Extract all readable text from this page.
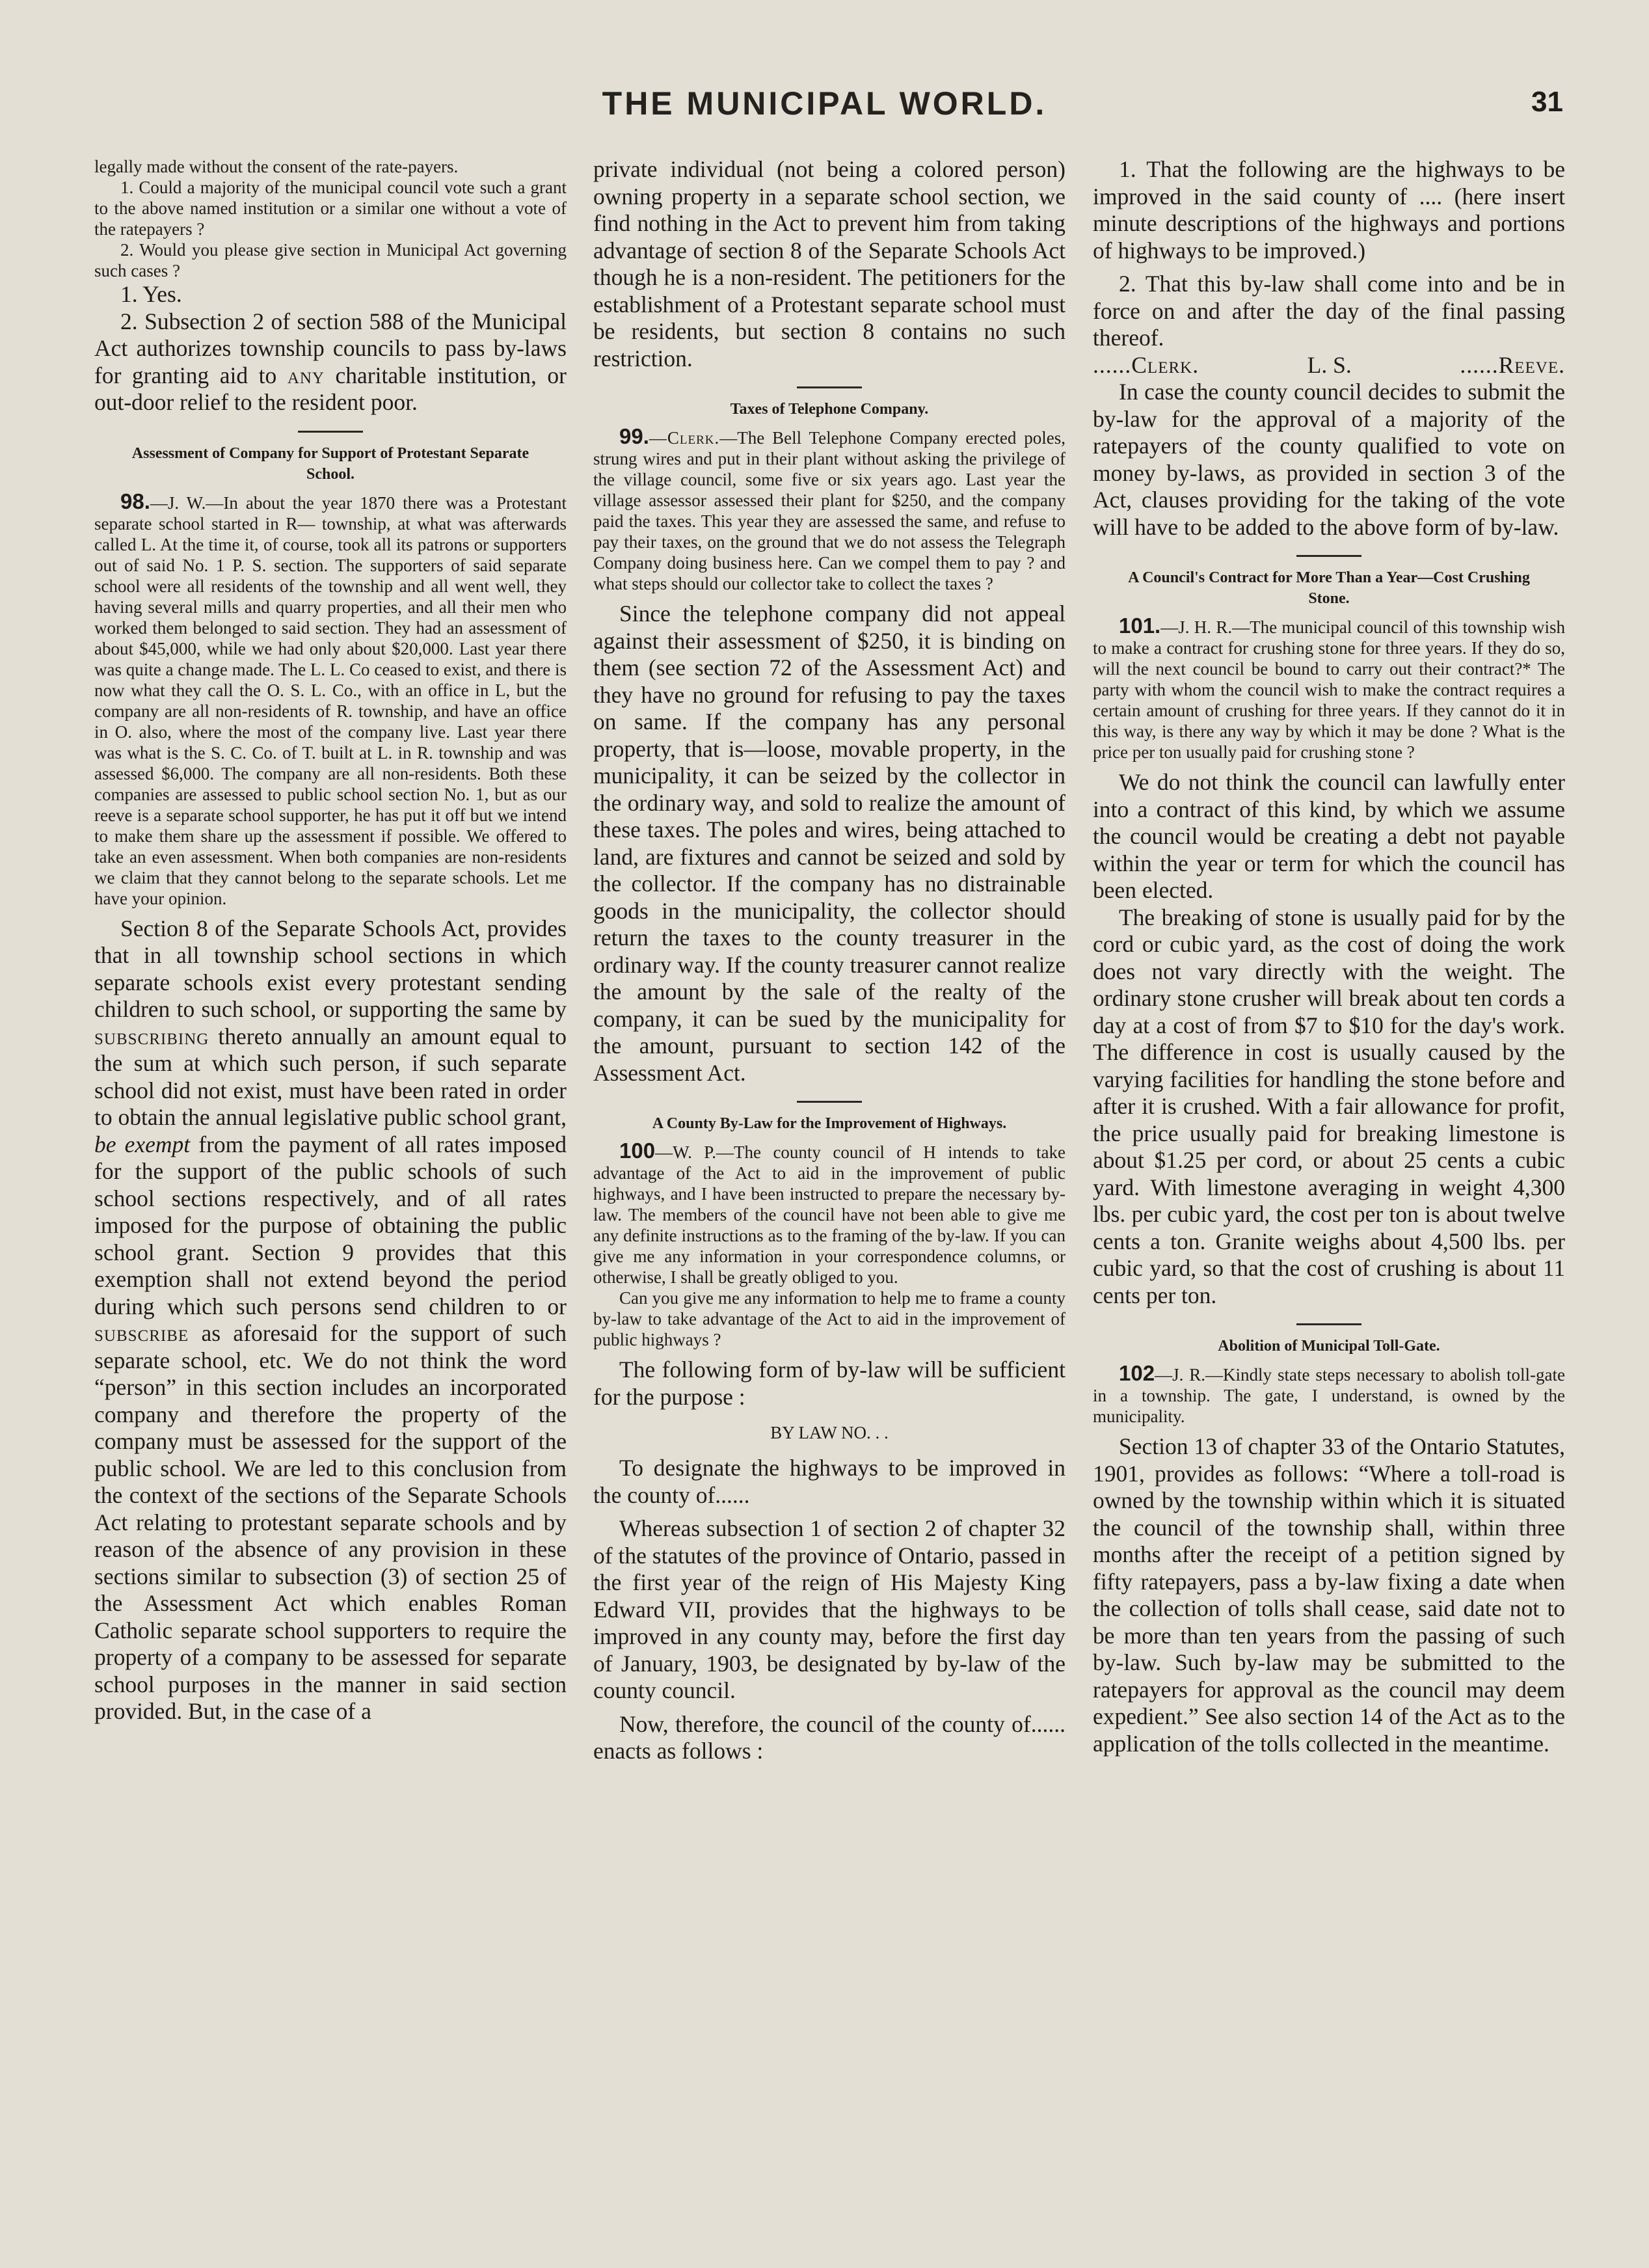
THE MUNICIPAL WORLD.	31

legally made without the consent of the rate-payers.

1. Could a majority of the municipal council vote such a grant to the above named institution or a similar one without a vote of the ratepayers ?

2. Would you please give section in Municipal Act governing such cases ?

1. Yes.

2. Subsection 2 of section 588 of the Municipal Act authorizes township councils to pass by-laws for granting aid to any charitable institution, or out-door relief to the resident poor.

Assessment of Company for Support of Protestant Separate School.

98.—J. W.—In about the year 1870 there was a Protestant separate school started in R— township, at what was afterwards called L. At the time it, of course, took all its patrons or supporters out of said No. 1 P. S. section. The supporters of said separate school were all residents of the township and all went well, they having several mills and quarry properties, and all their men who worked them belonged to said section. They had an assessment of about $45,000, while we had only about $20,000. Last year there was quite a change made. The L. L. Co ceased to exist, and there is now what they call the O. S. L. Co., with an office in L, but the company are all non-residents of R. township, and have an office in O. also, where the most of the company live. Last year there was what is the S. C. Co. of T. built at L. in R. township and was assessed $6,000. The company are all non-residents. Both these companies are assessed to public school section No. 1, but as our reeve is a separate school supporter, he has put it off but we intend to make them share up the assessment if possible. We offered to take an even assessment. When both companies are non-residents we claim that they cannot belong to the separate schools. Let me have your opinion.

Section 8 of the Separate Schools Act, provides that in all township school sections in which separate schools exist every protestant sending children to such school, or supporting the same by subscribing thereto annually an amount equal to the sum at which such person, if such separate school did not exist, must have been rated in order to obtain the annual legislative public school grant, be exempt from the payment of all rates imposed for the support of the public schools of such school sections respectively, and of all rates imposed for the purpose of obtaining the public school grant. Section 9 provides that this exemption shall not extend beyond the period during which such persons send children to or subscribe as aforesaid for the support of such separate school, etc. We do not think the word “person” in this section includes an incorporated company and therefore the property of the company must be assessed for the support of the public school. We are led to this conclusion from the context of the sections of the Separate Schools Act relating to protestant separate schools and by reason of the absence of any provision in these sections similar to subsection (3) of section 25 of the Assessment Act which enables Roman Catholic separate school supporters to require the property of a company to be assessed for separate school purposes in the manner in said section provided. But, in the case of a

private individual (not being a colored person) owning property in a separate school section, we find nothing in the Act to prevent him from taking advantage of section 8 of the Separate Schools Act though he is a non-resident. The petitioners for the establishment of a Protestant separate school must be residents, but section 8 contains no such restriction.

Taxes of Telephone Company.

99.—Clerk.—The Bell Telephone Company erected poles, strung wires and put in their plant without asking the privilege of the village council, some five or six years ago. Last year the village assessor assessed their plant for $250, and the company paid the taxes. This year they are assessed the same, and refuse to pay their taxes, on the ground that we do not assess the Telegraph Company doing business here. Can we compel them to pay ? and what steps should our collector take to collect the taxes ?

Since the telephone company did not appeal against their assessment of $250, it is binding on them (see section 72 of the Assessment Act) and they have no ground for refusing to pay the taxes on same. If the company has any personal property, that is—loose, movable property, in the municipality, it can be seized by the collector in the ordinary way, and sold to realize the amount of these taxes. The poles and wires, being attached to land, are fixtures and cannot be seized and sold by the collector. If the company has no distrainable goods in the municipality, the collector should return the taxes to the county treasurer in the ordinary way. If the county treasurer cannot realize the amount by the sale of the realty of the company, it can be sued by the municipality for the amount, pursuant to section 142 of the Assessment Act.

A County By-Law for the Improvement of Highways.

100—W. P.—The county council of H intends to take advantage of the Act to aid in the improvement of public highways, and I have been instructed to prepare the necessary by-law. The members of the council have not been able to give me any definite instructions as to the framing of the by-law. If you can give me any information in your correspondence columns, or otherwise, I shall be greatly obliged to you.

Can you give me any information to help me to frame a county by-law to take advantage of the Act to aid in the improvement of public highways ?

The following form of by-law will be sufficient for the purpose :

BY LAW NO. . .

To designate the highways to be improved in the county of......

Whereas subsection 1 of section 2 of chapter 32 of the statutes of the province of Ontario, passed in the first year of the reign of His Majesty King Edward VII, provides that the highways to be improved in any county may, before the first day of January, 1903, be designated by by-law of the county council.

Now, therefore, the council of the county of...... enacts as follows :

1. That the following are the highways to be improved in the said county of .... (here insert minute descriptions of the highways and portions of highways to be improved.)

2. That this by-law shall come into and be in force on and after the day of the final passing thereof.

......Clerk.	L. S.	......Reeve.

In case the county council decides to submit the by-law for the approval of a majority of the ratepayers of the county qualified to vote on money by-laws, as provided in section 3 of the Act, clauses providing for the taking of the vote will have to be added to the above form of by-law.

A Council's Contract for More Than a Year—Cost Crushing Stone.

101.—J. H. R.—The municipal council of this township wish to make a contract for crushing stone for three years. If they do so, will the next council be bound to carry out their contract?* The party with whom the council wish to make the contract requires a certain amount of crushing for three years. If they cannot do it in this way, is there any way by which it may be done ? What is the price per ton usually paid for crushing stone ?

We do not think the council can lawfully enter into a contract of this kind, by which we assume the council would be creating a debt not payable within the year or term for which the council has been elected.

The breaking of stone is usually paid for by the cord or cubic yard, as the cost of doing the work does not vary directly with the weight. The ordinary stone crusher will break about ten cords a day at a cost of from $7 to $10 for the day's work. The difference in cost is usually caused by the varying facilities for handling the stone before and after it is crushed. With a fair allowance for profit, the price usually paid for breaking limestone is about $1.25 per cord, or about 25 cents a cubic yard. With limestone averaging in weight 4,300 lbs. per cubic yard, the cost per ton is about twelve cents a ton. Granite weighs about 4,500 lbs. per cubic yard, so that the cost of crushing is about 11 cents per ton.

Abolition of Municipal Toll-Gate.

102—J. R.—Kindly state steps necessary to abolish toll-gate in a township. The gate, I understand, is owned by the municipality.

Section 13 of chapter 33 of the Ontario Statutes, 1901, provides as follows: “Where a toll-road is owned by the township within which it is situated the council of the township shall, within three months after the receipt of a petition signed by fifty ratepayers, pass a by-law fixing a date when the collection of tolls shall cease, said date not to be more than ten years from the passing of such by-law. Such by-law may be submitted to the ratepayers for approval as the council may deem expedient.” See also section 14 of the Act as to the application of the tolls collected in the meantime.
